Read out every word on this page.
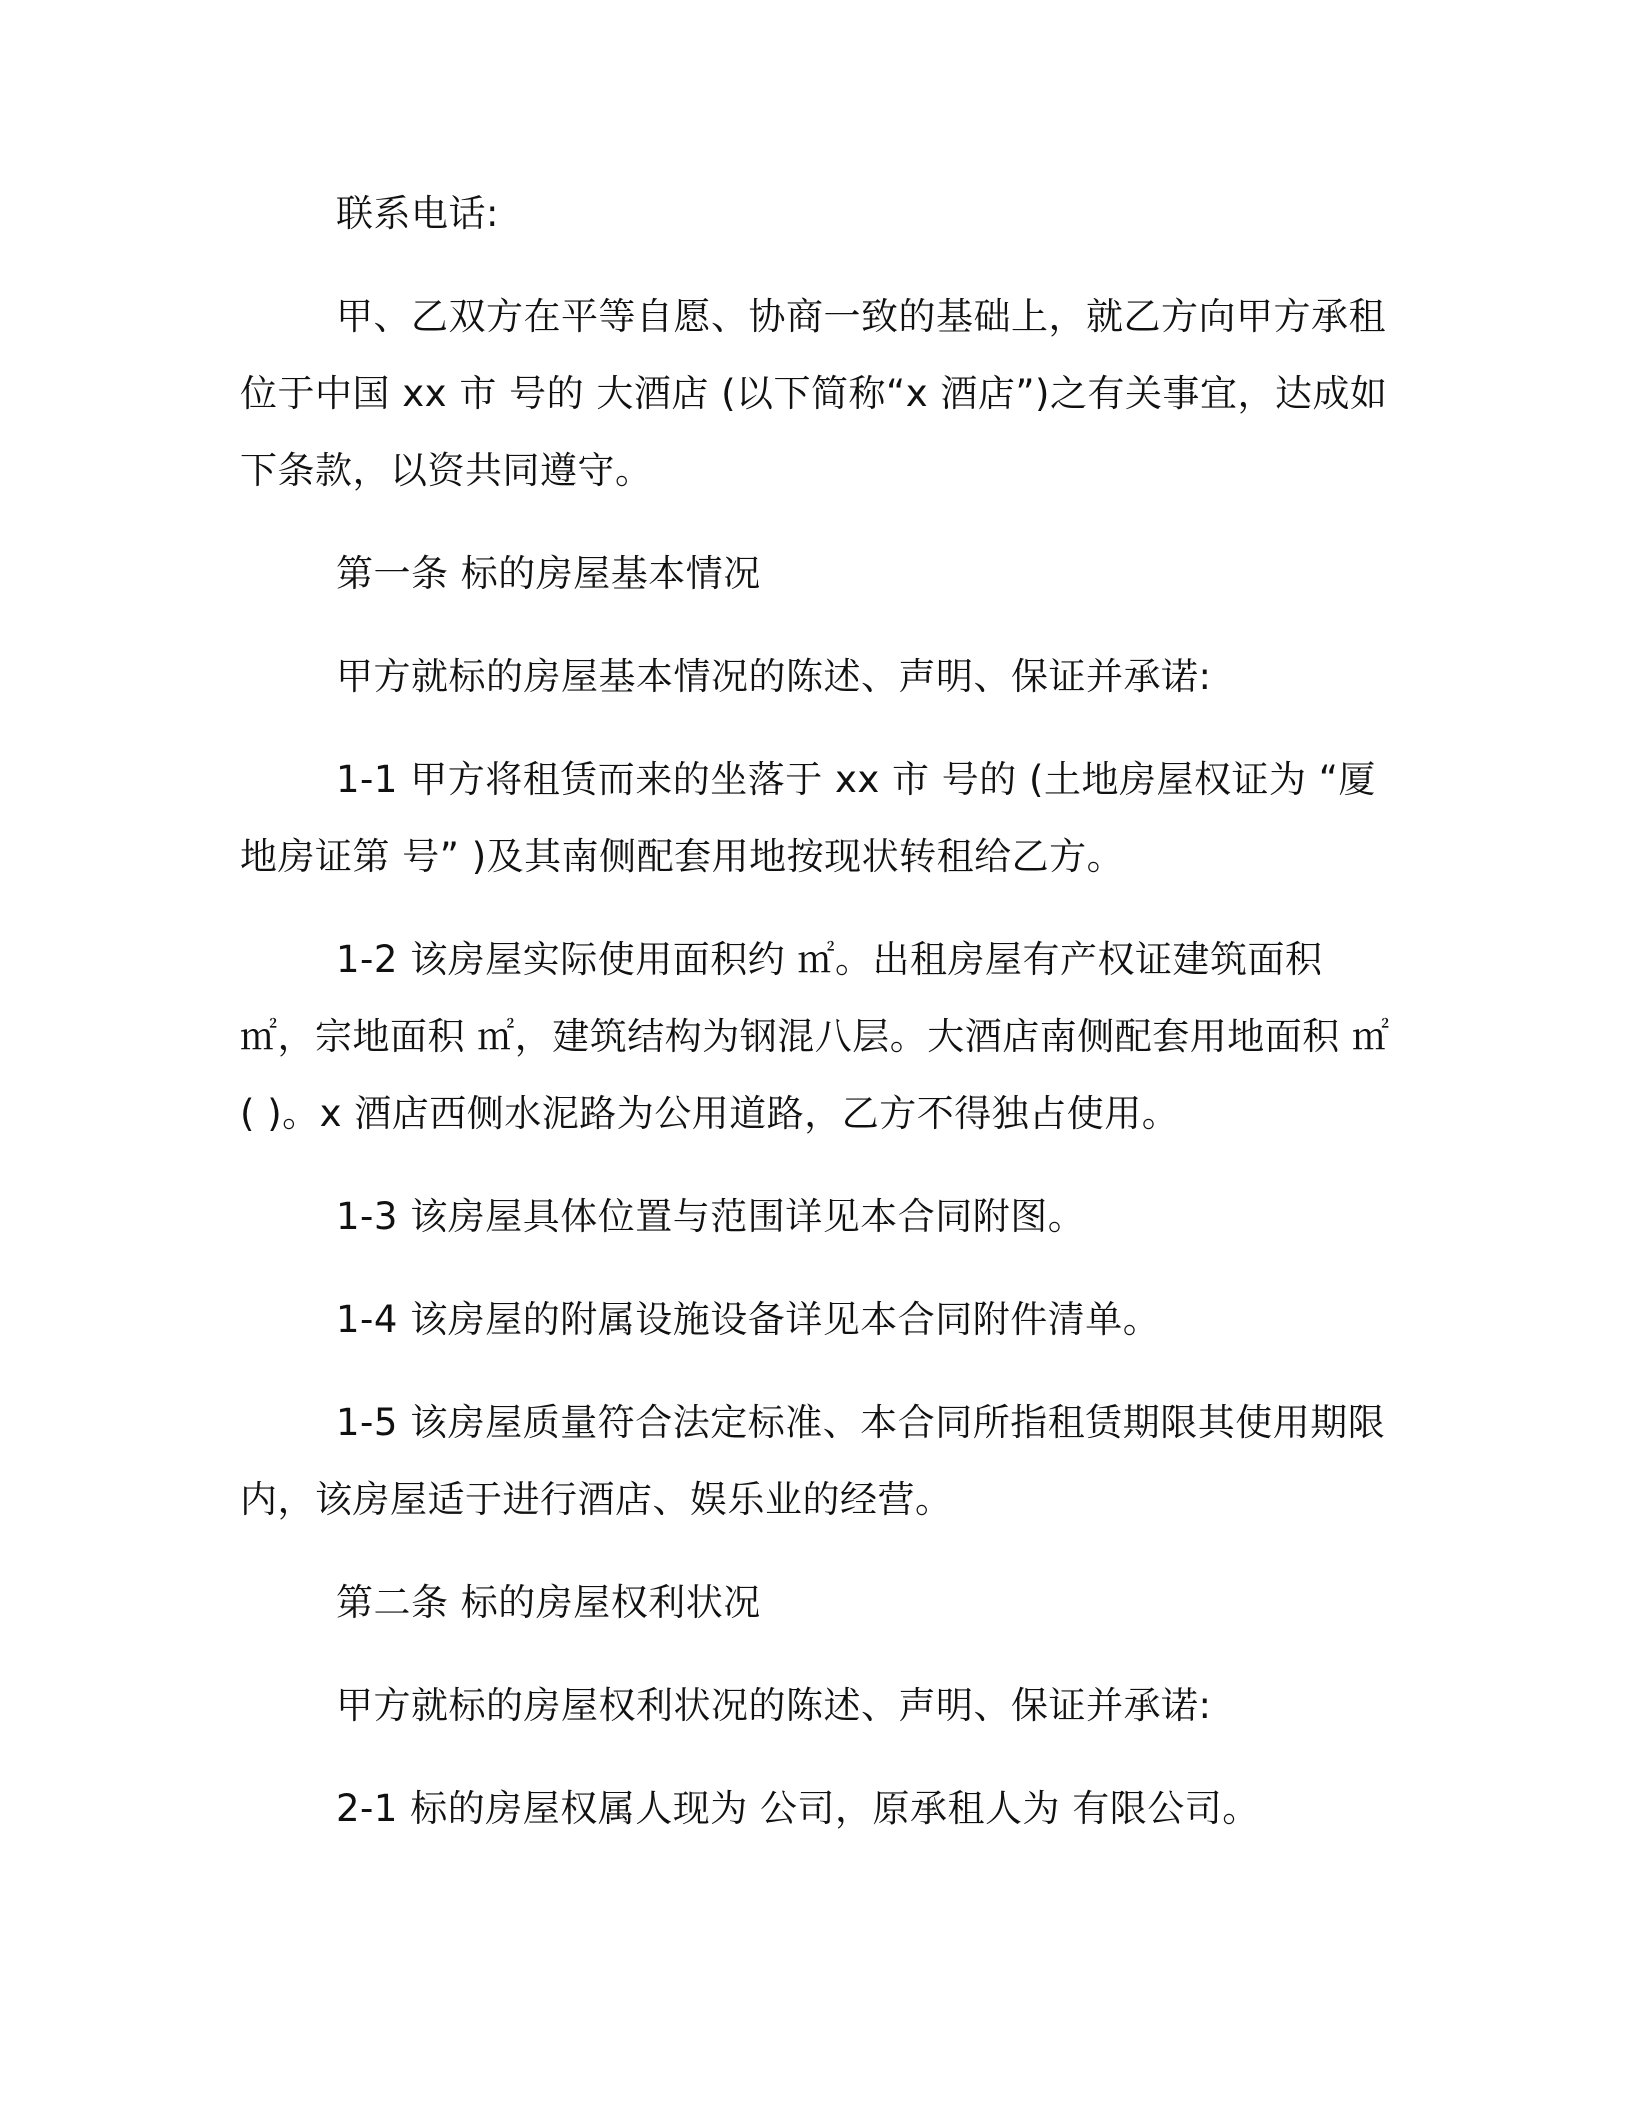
联系电话:

甲、乙双方在平等自愿、协商一致的基础上，就乙方向甲方承租位于中国 xx 市 号的 大酒店 (以下简称“x 酒店”)之有关事宜，达成如下条款，以资共同遵守。

第一条 标的房屋基本情况

甲方就标的房屋基本情况的陈述、声明、保证并承诺:

1-1 甲方将租赁而来的坐落于 xx 市 号的 (土地房屋权证为 “厦地房证第 号” )及其南侧配套用地按现状转租给乙方。

1-2 该房屋实际使用面积约 ㎡。出租房屋有产权证建筑面积 ㎡，宗地面积 ㎡，建筑结构为钢混八层。大酒店南侧配套用地面积 ㎡( )。x 酒店西侧水泥路为公用道路，乙方不得独占使用。

1-3 该房屋具体位置与范围详见本合同附图。

1-4 该房屋的附属设施设备详见本合同附件清单。

1-5 该房屋质量符合法定标准、本合同所指租赁期限其使用期限内，该房屋适于进行酒店、娱乐业的经营。

第二条 标的房屋权利状况

甲方就标的房屋权利状况的陈述、声明、保证并承诺:

2-1 标的房屋权属人现为 公司，原承租人为 有限公司。
